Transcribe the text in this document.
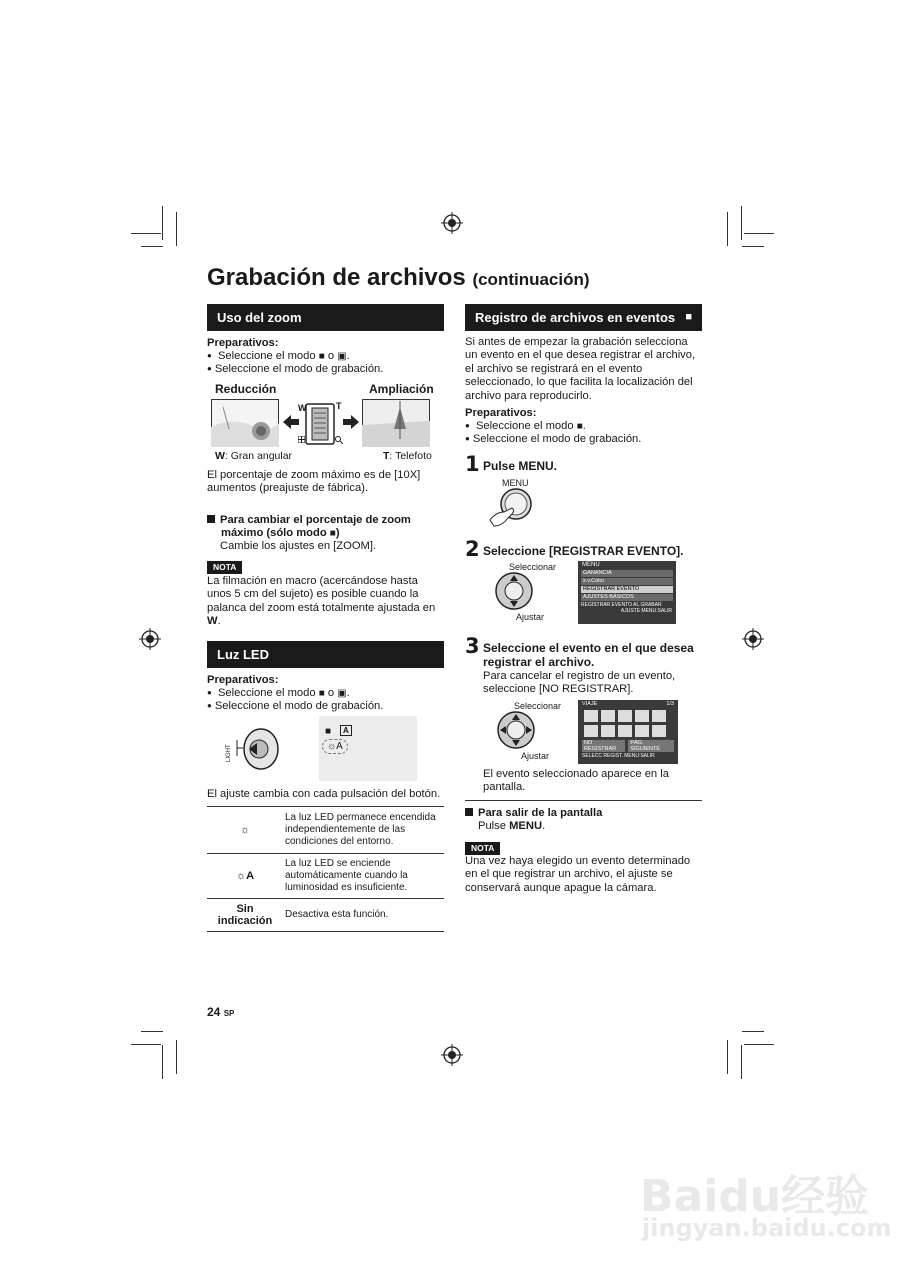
Grabación de archivos (continuación)
Uso del zoom
Preparativos:
● Seleccione el modo ■ o ▣.
● Seleccione el modo de grabación.
Reducción	Ampliación
W	T
W: Gran angular	T: Telefoto
El porcentaje de zoom máximo es de [10X] aumentos (preajuste de fábrica).
Para cambiar el porcentaje de zoom
máximo (sólo modo ■)
Cambie los ajustes en [ZOOM].
NOTA
La filmación en macro (acercándose hasta unos 5 cm del sujeto) es posible cuando la palanca del zoom está totalmente ajustada en W.
Luz LED
Preparativos:
● Seleccione el modo ■ o ▣.
● Seleccione el modo de grabación.
LIGHT
■	A
☼A
El ajuste cambia con cada pulsación del botón.
☼	La luz LED permanece encendida independientemente de las condiciones del entorno.
☼A	La luz LED se enciende automáticamente cuando la luminosidad es insuficiente.
Sin indicación	Desactiva esta función.
24 SP
Registro de archivos en eventos ■
Si antes de empezar la grabación selecciona un evento en el que desea registrar el archivo, el archivo se registrará en el evento seleccionado, lo que facilita la localización del archivo para reproducirlo.
Preparativos:
● Seleccione el modo ■.
● Seleccione el modo de grabación.
1 Pulse MENU.
MENU
2 Seleccione [REGISTRAR EVENTO].
Seleccionar
Ajustar
MENU
GANANCIA
x.v.Color
REGISTRAR EVENTO
AJUSTES BÁSICOS
REGISTRAR EVENTO AL GRABAR
AJUSTE MENU:SALIR
3 Seleccione el evento en el que desea registrar el archivo.
Para cancelar el registro de un evento, seleccione [NO REGISTRAR].
Seleccionar
Ajustar
VIAJE	1/3
NO REGISTRAR
PÁG. SIGUIENTE
SELECC REGIST. MENU:SALIR
El evento seleccionado aparece en la pantalla.
Para salir de la pantalla
Pulse MENU.
NOTA
Una vez haya elegido un evento determinado en el que registrar un archivo, el ajuste se conservará aunque apague la cámara.
Baidu经验
jingyan.baidu.com
